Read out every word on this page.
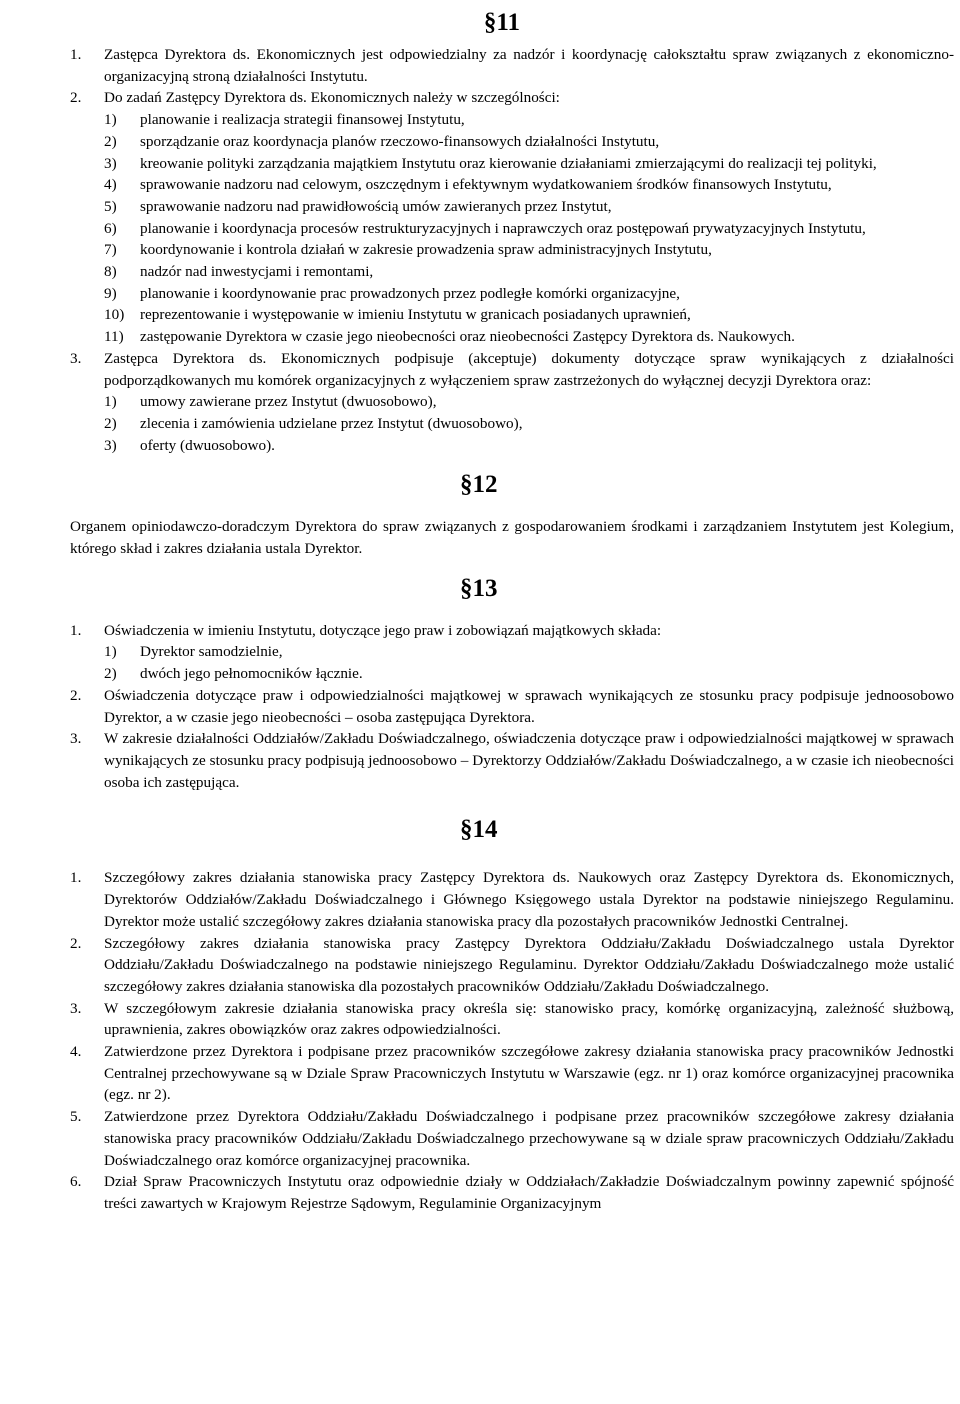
§11
1.	Zastępca Dyrektora ds. Ekonomicznych jest odpowiedzialny za nadzór i koordynację całokształtu spraw związanych z ekonomiczno-organizacyjną stroną działalności Instytutu.
2.	Do zadań Zastępcy Dyrektora ds. Ekonomicznych należy w szczególności:
1)	planowanie i realizacja strategii finansowej Instytutu,
2)	sporządzanie oraz koordynacja planów rzeczowo-finansowych działalności Instytutu,
3)	kreowanie polityki zarządzania majątkiem Instytutu oraz kierowanie działaniami zmierzającymi do realizacji tej polityki,
4)	sprawowanie nadzoru nad celowym, oszczędnym i efektywnym wydatkowaniem środków finansowych Instytutu,
5)	sprawowanie nadzoru nad prawidłowością umów zawieranych przez Instytut,
6)	planowanie i koordynacja procesów restrukturyzacyjnych i naprawczych oraz postępowań prywatyzacyjnych Instytutu,
7)	koordynowanie i kontrola działań w zakresie prowadzenia spraw administracyjnych Instytutu,
8)	nadzór nad inwestycjami i remontami,
9)	planowanie i koordynowanie prac prowadzonych przez podległe komórki organizacyjne,
10)	reprezentowanie i występowanie w imieniu Instytutu w granicach posiadanych uprawnień,
11)	zastępowanie Dyrektora w czasie jego nieobecności oraz nieobecności Zastępcy Dyrektora ds. Naukowych.
3.	Zastępca Dyrektora ds. Ekonomicznych podpisuje (akceptuje) dokumenty dotyczące spraw wynikających z działalności podporządkowanych mu komórek organizacyjnych z wyłączeniem spraw zastrzeżonych do wyłącznej decyzji Dyrektora oraz:
1)	umowy zawierane przez Instytut (dwuosobowo),
2)	zlecenia i zamówienia udzielane przez Instytut (dwuosobowo),
3)	oferty (dwuosobowo).
§12
Organem opiniodawczo-doradczym Dyrektora do spraw związanych z gospodarowaniem środkami i zarządzaniem Instytutem jest Kolegium, którego skład i zakres działania ustala Dyrektor.
§13
1.	Oświadczenia w imieniu Instytutu, dotyczące jego praw i zobowiązań majątkowych składa:
1)	Dyrektor samodzielnie,
2)	dwóch jego pełnomocników łącznie.
2.	Oświadczenia dotyczące praw i odpowiedzialności majątkowej w sprawach wynikających ze stosunku pracy podpisuje jednoosobowo Dyrektor, a w czasie jego nieobecności – osoba zastępująca Dyrektora.
3.	W zakresie działalności Oddziałów/Zakładu Doświadczalnego, oświadczenia dotyczące praw i odpowiedzialności majątkowej w sprawach wynikających ze stosunku pracy podpisują jednoosobowo – Dyrektorzy Oddziałów/Zakładu Doświadczalnego, a w czasie ich nieobecności osoba ich zastępująca.
§14
1.	Szczegółowy zakres działania stanowiska pracy Zastępcy Dyrektora ds. Naukowych oraz Zastępcy Dyrektora ds. Ekonomicznych, Dyrektorów Oddziałów/Zakładu Doświadczalnego i Głównego Księgowego ustala Dyrektor na podstawie niniejszego Regulaminu. Dyrektor może ustalić szczegółowy zakres działania stanowiska pracy dla pozostałych pracowników Jednostki Centralnej.
2.	Szczegółowy zakres działania stanowiska pracy Zastępcy Dyrektora Oddziału/Zakładu Doświadczalnego ustala Dyrektor Oddziału/Zakładu Doświadczalnego na podstawie niniejszego Regulaminu. Dyrektor Oddziału/Zakładu Doświadczalnego może ustalić szczegółowy zakres działania stanowiska dla pozostałych pracowników Oddziału/Zakładu Doświadczalnego.
3.	W szczegółowym zakresie działania stanowiska pracy określa się: stanowisko pracy, komórkę organizacyjną, zależność służbową, uprawnienia, zakres obowiązków oraz zakres odpowiedzialności.
4.	Zatwierdzone przez Dyrektora i podpisane przez pracowników szczegółowe zakresy działania stanowiska pracy pracowników Jednostki Centralnej przechowywane są w Dziale Spraw Pracowniczych Instytutu w Warszawie (egz. nr 1) oraz komórce organizacyjnej pracownika (egz. nr 2).
5.	Zatwierdzone przez Dyrektora Oddziału/Zakładu Doświadczalnego i podpisane przez pracowników szczegółowe zakresy działania stanowiska pracy pracowników Oddziału/Zakładu Doświadczalnego przechowywane są w dziale spraw pracowniczych Oddziału/Zakładu Doświadczalnego oraz komórce organizacyjnej pracownika.
6.	Dział Spraw Pracowniczych Instytutu oraz odpowiednie działy w Oddziałach/Zakładzie Doświadczalnym powinny zapewnić spójność treści zawartych w Krajowym Rejestrze Sądowym, Regulaminie Organizacyjnym
